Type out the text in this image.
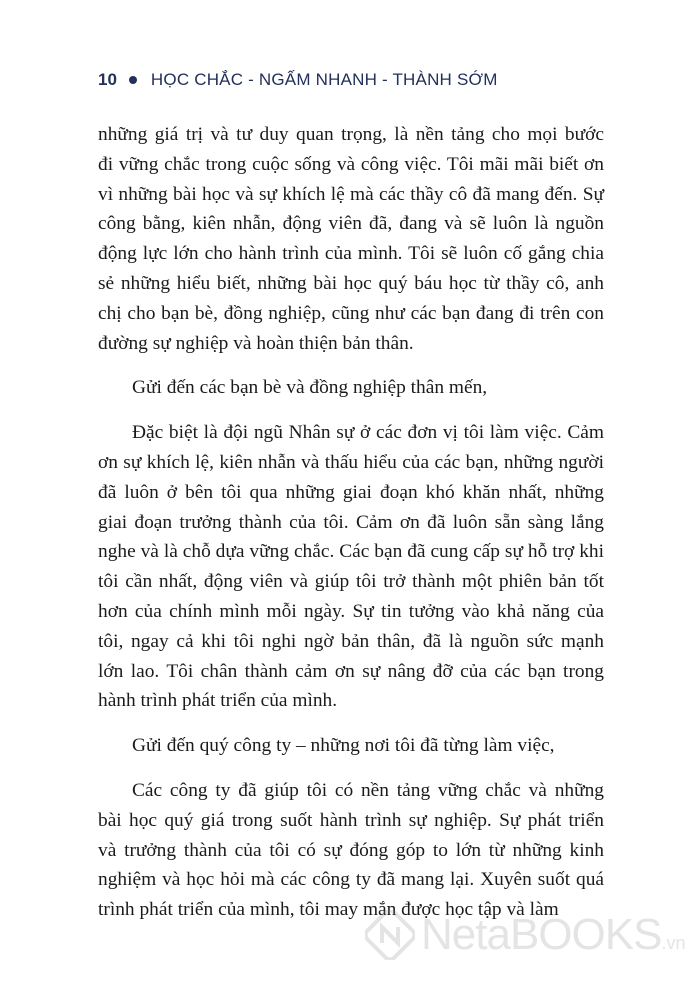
10 HỌC CHẮC - NGẤM NHANH - THÀNH SỚM
những giá trị và tư duy quan trọng, là nền tảng cho mọi bước
đi vững chắc trong cuộc sống và công việc. Tôi mãi mãi biết ơn
vì những bài học và sự khích lệ mà các thầy cô đã mang đến. Sự
công bằng, kiên nhẫn, động viên đã, đang và sẽ luôn là nguồn
động lực lớn cho hành trình của mình. Tôi sẽ luôn cố gắng chia
sẻ những hiểu biết, những bài học quý báu học từ thầy cô, anh
chị cho bạn bè, đồng nghiệp, cũng như các bạn đang đi trên con
đường sự nghiệp và hoàn thiện bản thân.
Gửi đến các bạn bè và đồng nghiệp thân mến,
Đặc biệt là đội ngũ Nhân sự ở các đơn vị tôi làm việc. Cảm
ơn sự khích lệ, kiên nhẫn và thấu hiểu của các bạn, những người
đã luôn ở bên tôi qua những giai đoạn khó khăn nhất, những
giai đoạn trưởng thành của tôi. Cảm ơn đã luôn sẵn sàng lắng
nghe và là chỗ dựa vững chắc. Các bạn đã cung cấp sự hỗ trợ khi
tôi cần nhất, động viên và giúp tôi trở thành một phiên bản tốt
hơn của chính mình mỗi ngày. Sự tin tưởng vào khả năng của
tôi, ngay cả khi tôi nghi ngờ bản thân, đã là nguồn sức mạnh
lớn lao. Tôi chân thành cảm ơn sự nâng đỡ của các bạn trong
hành trình phát triển của mình.
Gửi đến quý công ty – những nơi tôi đã từng làm việc,
Các công ty đã giúp tôi có nền tảng vững chắc và những
bài học quý giá trong suốt hành trình sự nghiệp. Sự phát triển
và trưởng thành của tôi có sự đóng góp to lớn từ những kinh
nghiệm và học hỏi mà các công ty đã mang lại. Xuyên suốt quá
trình phát triển của mình, tôi may mắn được học tập và làm
NetaBOOKS.vn
